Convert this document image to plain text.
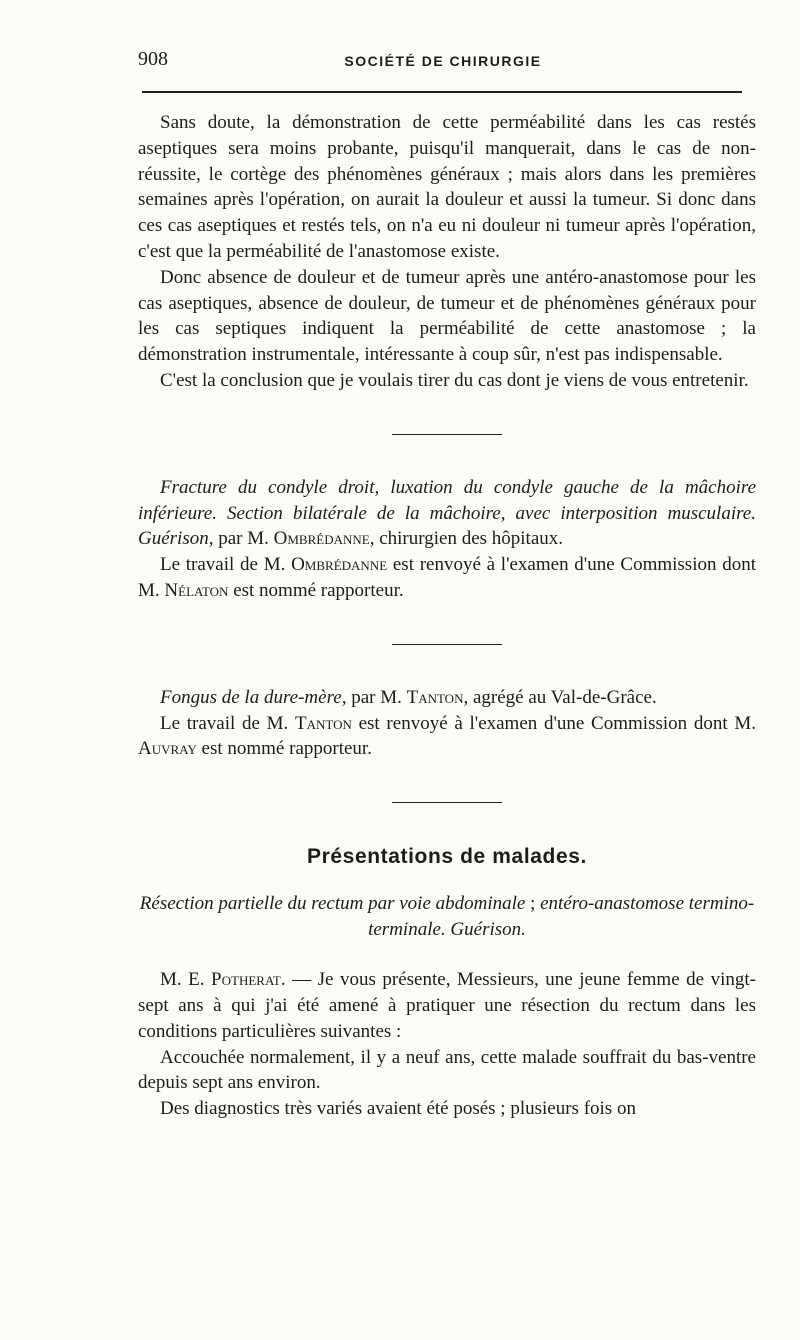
908	SOCIÉTÉ DE CHIRURGIE

Sans doute, la démonstration de cette perméabilité dans les cas restés aseptiques sera moins probante, puisqu'il manquerait, dans le cas de non-réussite, le cortège des phénomènes généraux ; mais alors dans les premières semaines après l'opération, on aurait la douleur et aussi la tumeur. Si donc dans ces cas aseptiques et restés tels, on n'a eu ni douleur ni tumeur après l'opération, c'est que la perméabilité de l'anastomose existe.

Donc absence de douleur et de tumeur après une antéro-anastomose pour les cas aseptiques, absence de douleur, de tumeur et de phénomènes généraux pour les cas septiques indiquent la perméabilité de cette anastomose ; la démonstration instrumentale, intéressante à coup sûr, n'est pas indispensable.

C'est la conclusion que je voulais tirer du cas dont je viens de vous entretenir.

Fracture du condyle droit, luxation du condyle gauche de la mâchoire inférieure. Section bilatérale de la mâchoire, avec interposition musculaire. Guérison, par M. Ombrédanne, chirurgien des hôpitaux.

Le travail de M. Ombrédanne est renvoyé à l'examen d'une Commission dont M. Nélaton est nommé rapporteur.

Fongus de la dure-mère, par M. Tanton, agrégé au Val-de-Grâce.

Le travail de M. Tanton est renvoyé à l'examen d'une Commission dont M. Auvray est nommé rapporteur.

Présentations de malades.
Résection partielle du rectum par voie abdominale ; entéro-anastomose termino-terminale. Guérison.

M. E. Potherat. — Je vous présente, Messieurs, une jeune femme de vingt-sept ans à qui j'ai été amené à pratiquer une résection du rectum dans les conditions particulières suivantes :

Accouchée normalement, il y a neuf ans, cette malade souffrait du bas-ventre depuis sept ans environ.

Des diagnostics très variés avaient été posés ; plusieurs fois on
